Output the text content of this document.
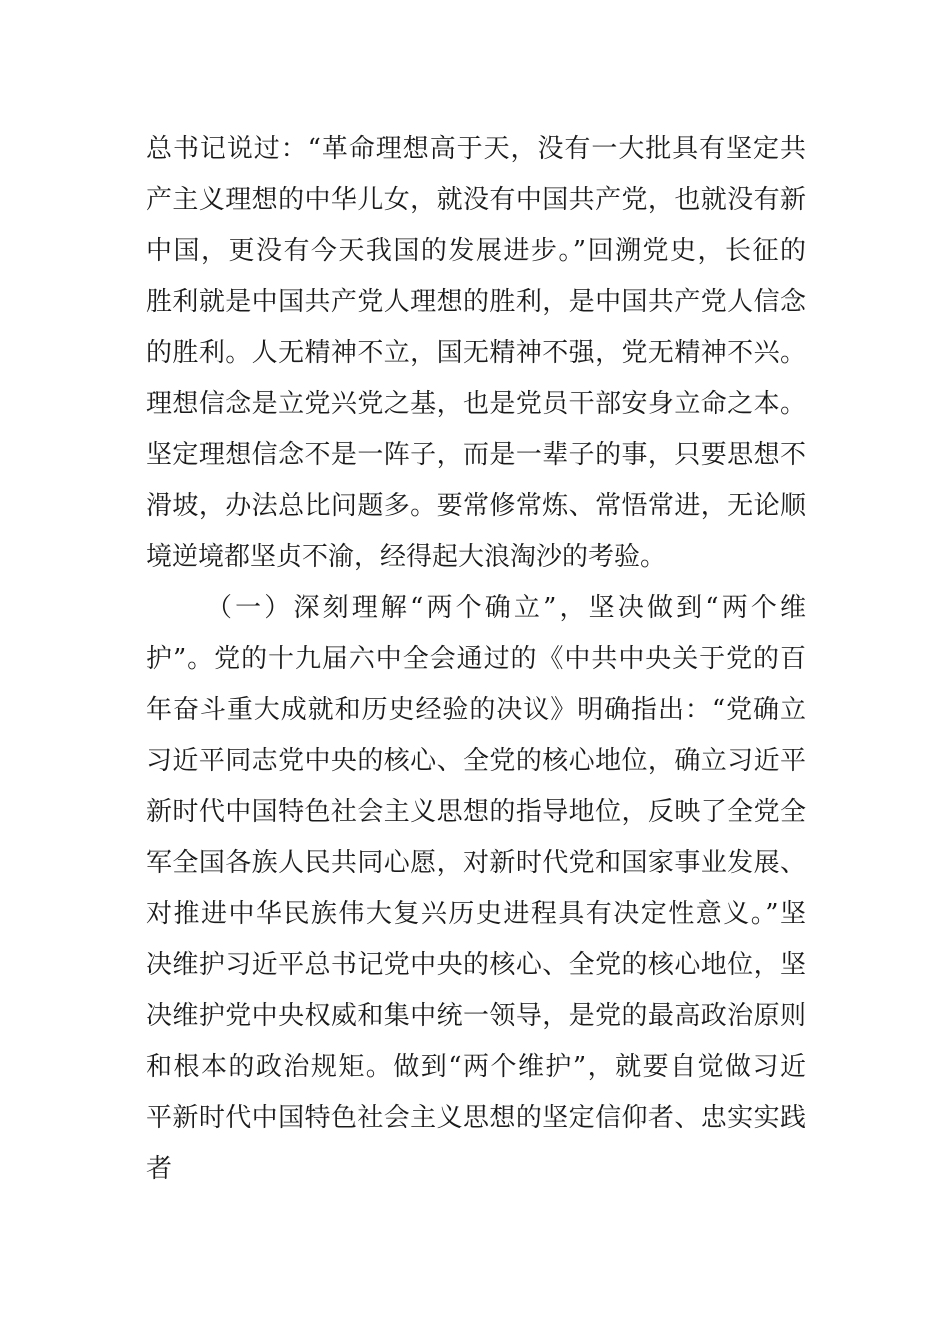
总书记说过：“革命理想高于天，没有一大批具有坚定共
产主义理想的中华儿女，就没有中国共产党，也就没有新
中国，更没有今天我国的发展进步。”回溯党史，长征的
胜利就是中国共产党人理想的胜利，是中国共产党人信念
的胜利。人无精神不立，国无精神不强，党无精神不兴。
理想信念是立党兴党之基，也是党员干部安身立命之本。
坚定理想信念不是一阵子，而是一辈子的事，只要思想不
滑坡，办法总比问题多。要常修常炼、常悟常进，无论顺
境逆境都坚贞不渝，经得起大浪淘沙的考验。
（一）深刻理解“两个确立”，坚决做到“两个维
护”。党的十九届六中全会通过的《中共中央关于党的百
年奋斗重大成就和历史经验的决议》明确指出：“党确立
习近平同志党中央的核心、全党的核心地位，确立习近平
新时代中国特色社会主义思想的指导地位，反映了全党全
军全国各族人民共同心愿，对新时代党和国家事业发展、
对推进中华民族伟大复兴历史进程具有决定性意义。”坚
决维护习近平总书记党中央的核心、全党的核心地位，坚
决维护党中央权威和集中统一领导，是党的最高政治原则
和根本的政治规矩。做到“两个维护”，就要自觉做习近
平新时代中国特色社会主义思想的坚定信仰者、忠实实践
者
